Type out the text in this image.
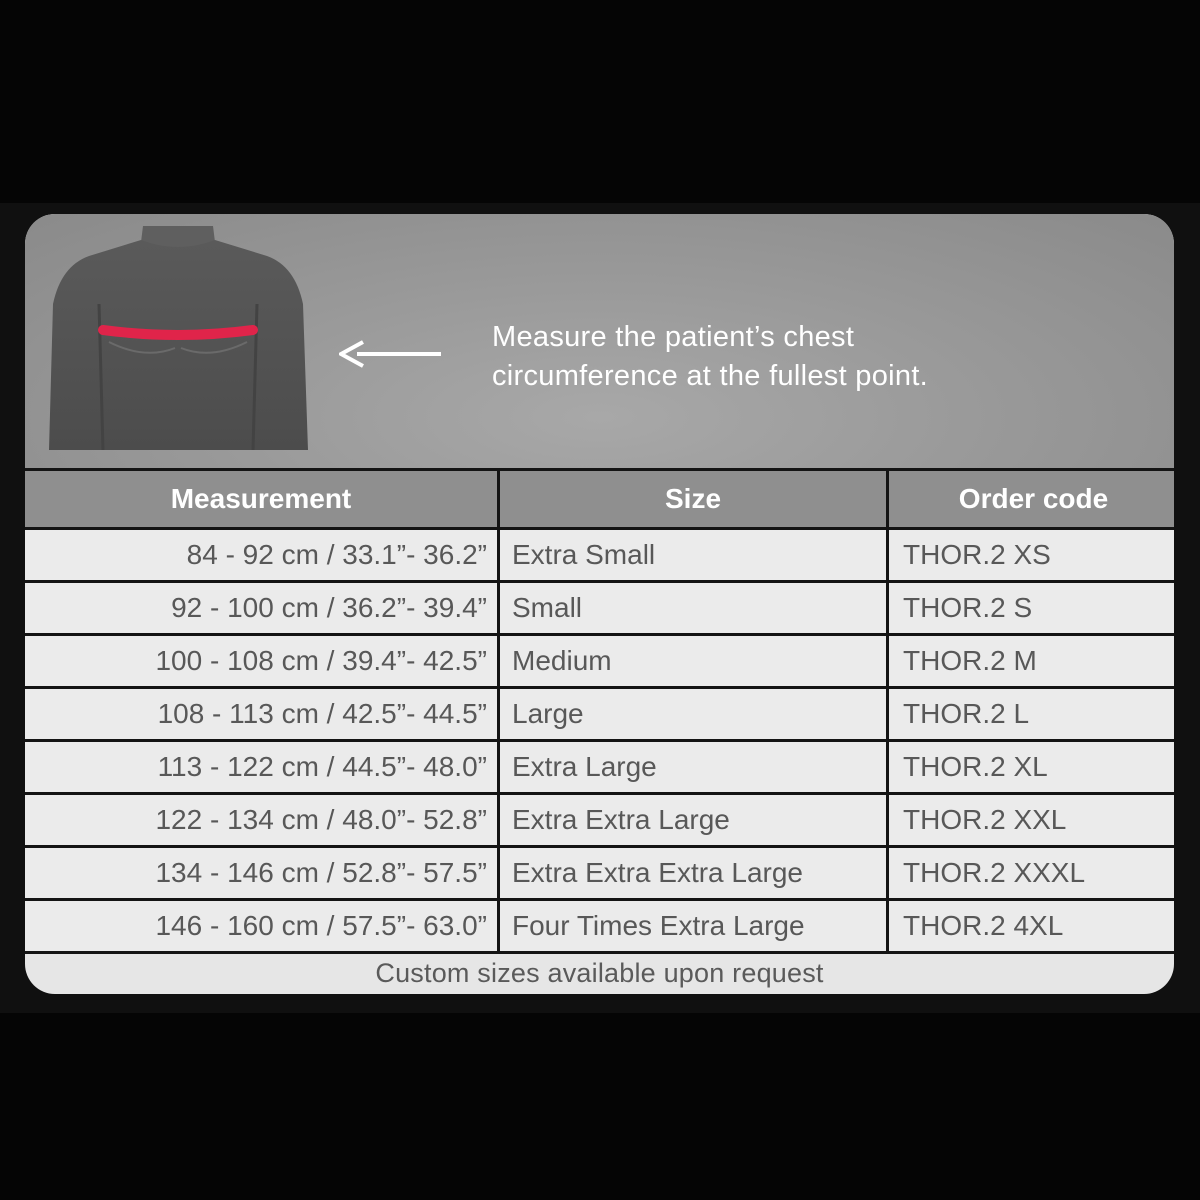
Measure the patient’s chest
circumference at the fullest point.
Measurement	Size	Order code
84 - 92 cm / 33.1”- 36.2” Extra Small	THOR.2 XS
92 - 100 cm / 36.2”- 39.4” Small	THOR.2 S
100 - 108 cm / 39.4”- 42.5” Medium	THOR.2 M
108 - 113 cm / 42.5”- 44.5” Large	THOR.2 L
113 - 122 cm / 44.5”- 48.0” Extra Large	THOR.2 XL
122 - 134 cm / 48.0”- 52.8” Extra Extra Large	THOR.2 XXL
134 - 146 cm / 52.8”- 57.5” Extra Extra Extra Large	THOR.2 XXXL
146 - 160 cm / 57.5”- 63.0” Four Times Extra Large	THOR.2 4XL
Custom sizes available upon request
